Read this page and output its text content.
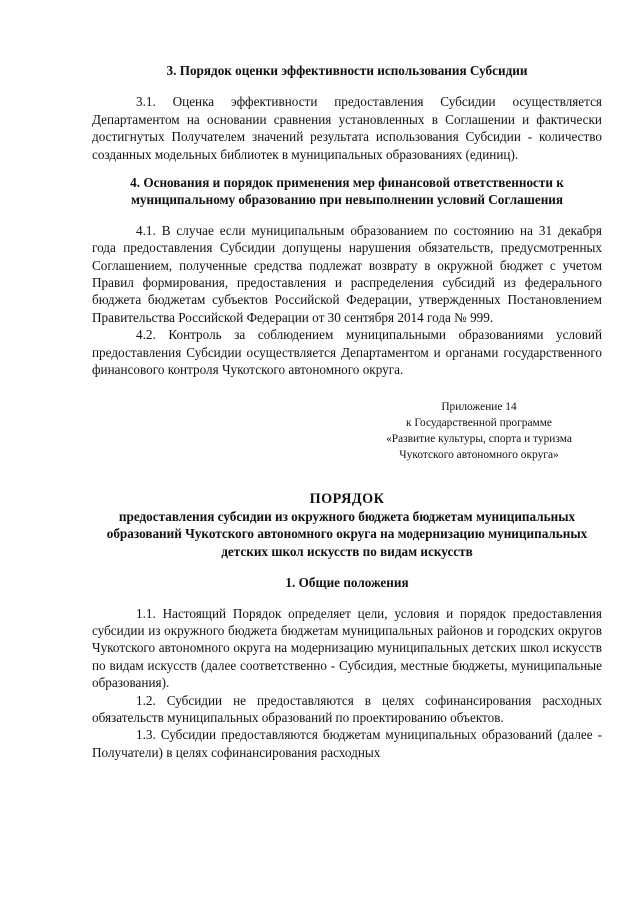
3. Порядок оценки эффективности использования Субсидии

3.1. Оценка эффективности предоставления Субсидии осуществляется Департаментом на основании сравнения установленных в Соглашении и фактически достигнутых Получателем значений результата использования Субсидии - количество созданных модельных библиотек в муниципальных образованиях (единиц).

4. Основания и порядок применения мер финансовой ответственности к муниципальному образованию при невыполнении условий Соглашения

4.1. В случае если муниципальным образованием по состоянию на 31 декабря года предоставления Субсидии допущены нарушения обязательств, предусмотренных Соглашением, полученные средства подлежат возврату в окружной бюджет с учетом Правил формирования, предоставления и распределения субсидий из федерального бюджета бюджетам субъектов Российской Федерации, утвержденных Постановлением Правительства Российской Федерации от 30 сентября 2014 года № 999.

4.2. Контроль за соблюдением муниципальными образованиями условий предоставления Субсидии осуществляется Департаментом и органами государственного финансового контроля Чукотского автономного округа.

Приложение 14
к Государственной программе
«Развитие культуры, спорта и туризма
Чукотского автономного округа»
ПОРЯДОК
предоставления субсидии из окружного бюджета бюджетам муниципальных образований Чукотского автономного округа на модернизацию муниципальных детских школ искусств по видам искусств
1. Общие положения

1.1. Настоящий Порядок определяет цели, условия и порядок предоставления субсидии из окружного бюджета бюджетам муниципальных районов и городских округов Чукотского автономного округа на модернизацию муниципальных детских школ искусств по видам искусств (далее соответственно - Субсидия, местные бюджеты, муниципальные образования).

1.2. Субсидии не предоставляются в целях софинансирования расходных обязательств муниципальных образований по проектированию объектов.

1.3. Субсидии предоставляются бюджетам муниципальных образований (далее - Получатели) в целях софинансирования расходных
